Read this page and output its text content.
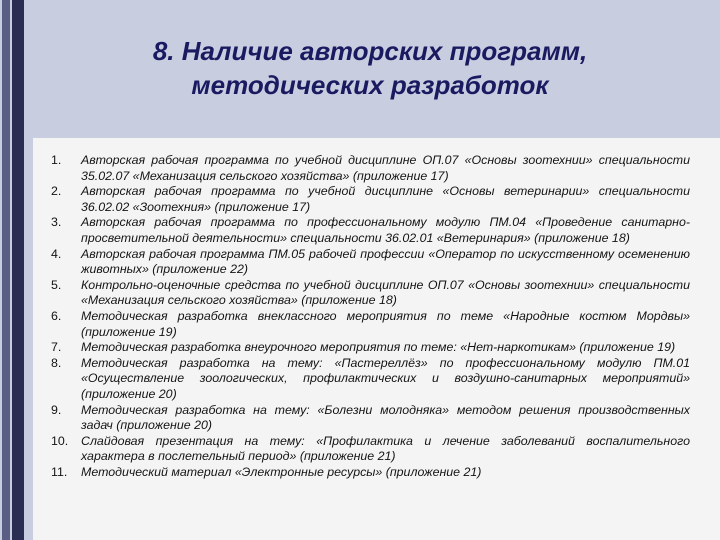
8. Наличие авторских программ,
методических разработок
1.	Авторская рабочая программа по учебной дисциплине ОП.07 «Основы зоотехнии» специальности 35.02.07 «Механизация сельского хозяйства» (приложение 17)
2.	Авторская рабочая программа по учебной дисциплине «Основы ветеринарии» специальности 36.02.02 «Зоотехния» (приложение 17)
3.	Авторская рабочая программа по профессиональному модулю ПМ.04 «Проведение санитарно-просветительной деятельности» специальности 36.02.01 «Ветеринария» (приложение 18)
4.	Авторская рабочая программа ПМ.05 рабочей профессии «Оператор по искусственному осеменению животных» (приложение 22)
5.	Контрольно-оценочные средства по учебной дисциплине ОП.07 «Основы зоотехнии» специальности «Механизация сельского хозяйства» (приложение 18)
6.	Методическая разработка внеклассного мероприятия по теме «Народные костюм Мордвы» (приложение 19)
7.	Методическая разработка внеурочного мероприятия по теме: «Нет-наркотикам» (приложение 19)
8.	Методическая разработка на тему: «Пастереллёз» по профессиональному модулю ПМ.01 «Осуществление зоологических, профилактических и воздушно-санитарных мероприятий» (приложение 20)
9.	Методическая разработка на тему: «Болезни молодняка» методом решения производственных задач (приложение 20)
10.	Слайдовая презентация на тему: «Профилактика и лечение заболеваний воспалительного характера в послетельный период» (приложение 21)
11.	Методический материал «Электронные ресурсы» (приложение 21)
